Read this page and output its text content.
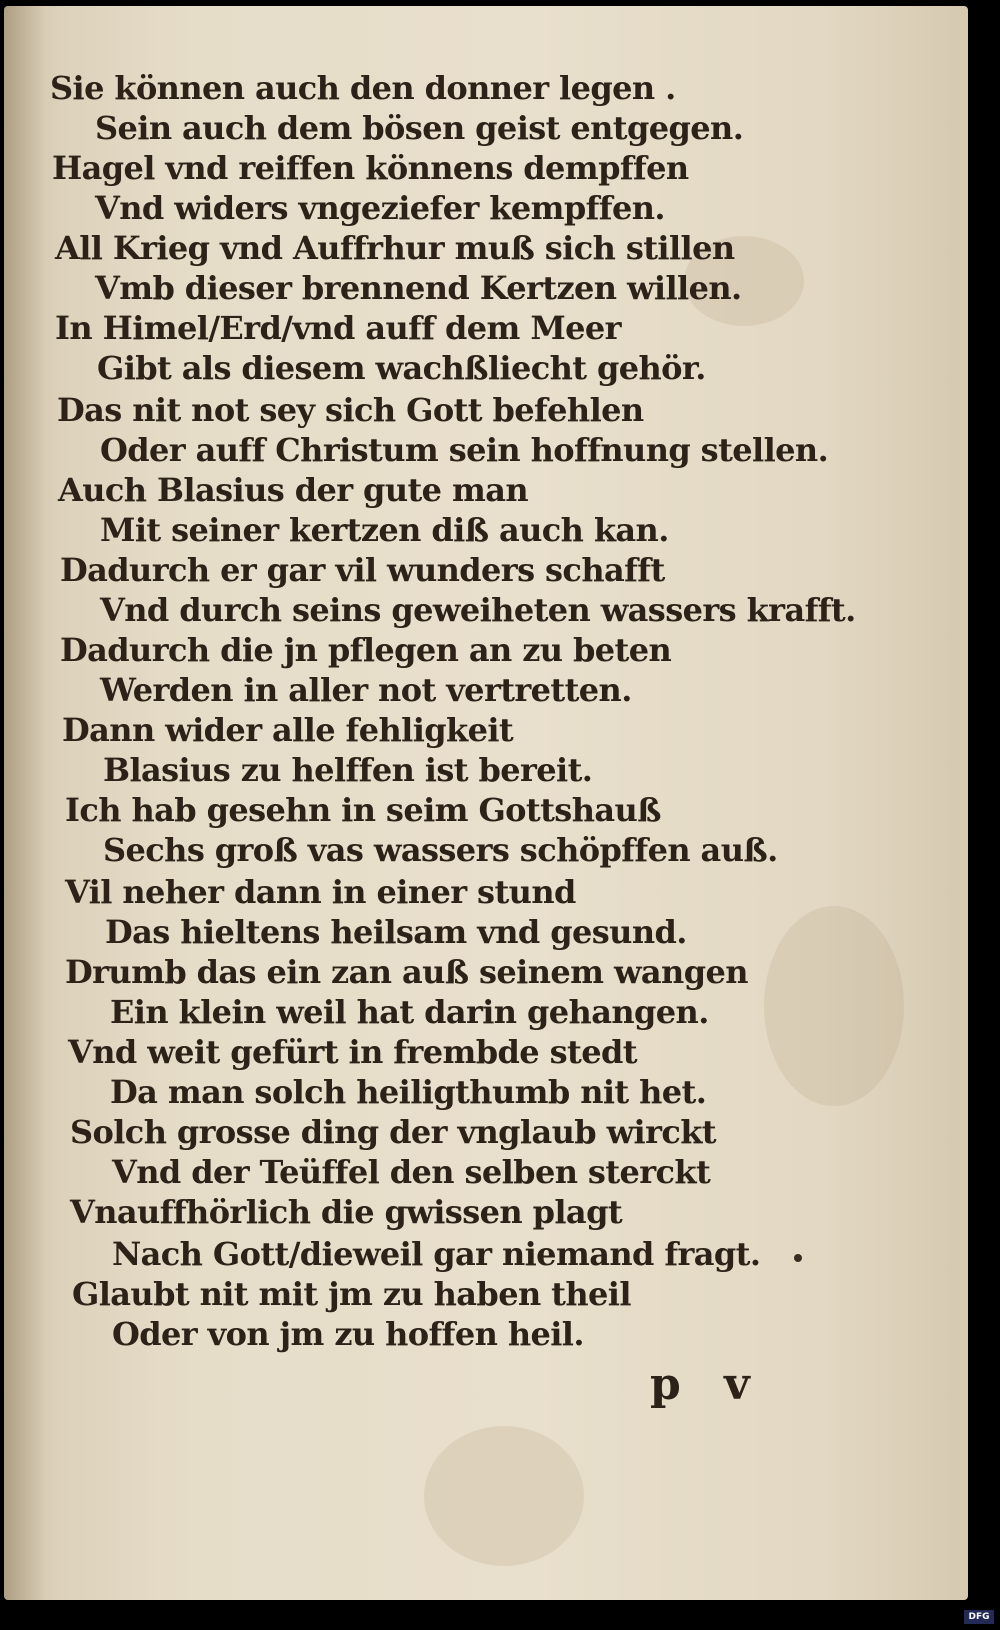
Sie können auch den donner legen .
Sein auch dem bösen geist entgegen.
Hagel vnd reiffen könnens dempffen
Vnd widers vngeziefer kempffen.
All Krieg vnd Auffrhur muß sich stillen
Vmb dieser brennend Kertzen willen.
In Himel/Erd/vnd auff dem Meer
Gibt als diesem wachßliecht gehör.
Das nit not sey sich Gott befehlen
Oder auff Christum sein hoffnung stellen.
Auch Blasius der gute man
Mit seiner kertzen diß auch kan.
Dadurch er gar vil wunders schafft
Vnd durch seins geweiheten wassers krafft.
Dadurch die jn pflegen an zu beten
Werden in aller not vertretten.
Dann wider alle fehligkeit
Blasius zu helffen ist bereit.
Ich hab gesehn in seim Gottshauß
Sechs groß vas wassers schöpffen auß.
Vil neher dann in einer stund
Das hieltens heilsam vnd gesund.
Drumb das ein zan auß seinem wangen
Ein klein weil hat darin gehangen.
Vnd weit gefürt in frembde stedt
Da man solch heiligthumb nit het.
Solch grosse ding der vnglaub wirckt
Vnd der Teüffel den selben sterckt
Vnauffhörlich die gwissen plagt
Nach Gott/dieweil gar niemand fragt.
Glaubt nit mit jm zu haben theil
Oder von jm zu hoffen heil.
p v
Digitalisierung gefördert durch die Deutsche Forschungsgemeinschaft DFG
